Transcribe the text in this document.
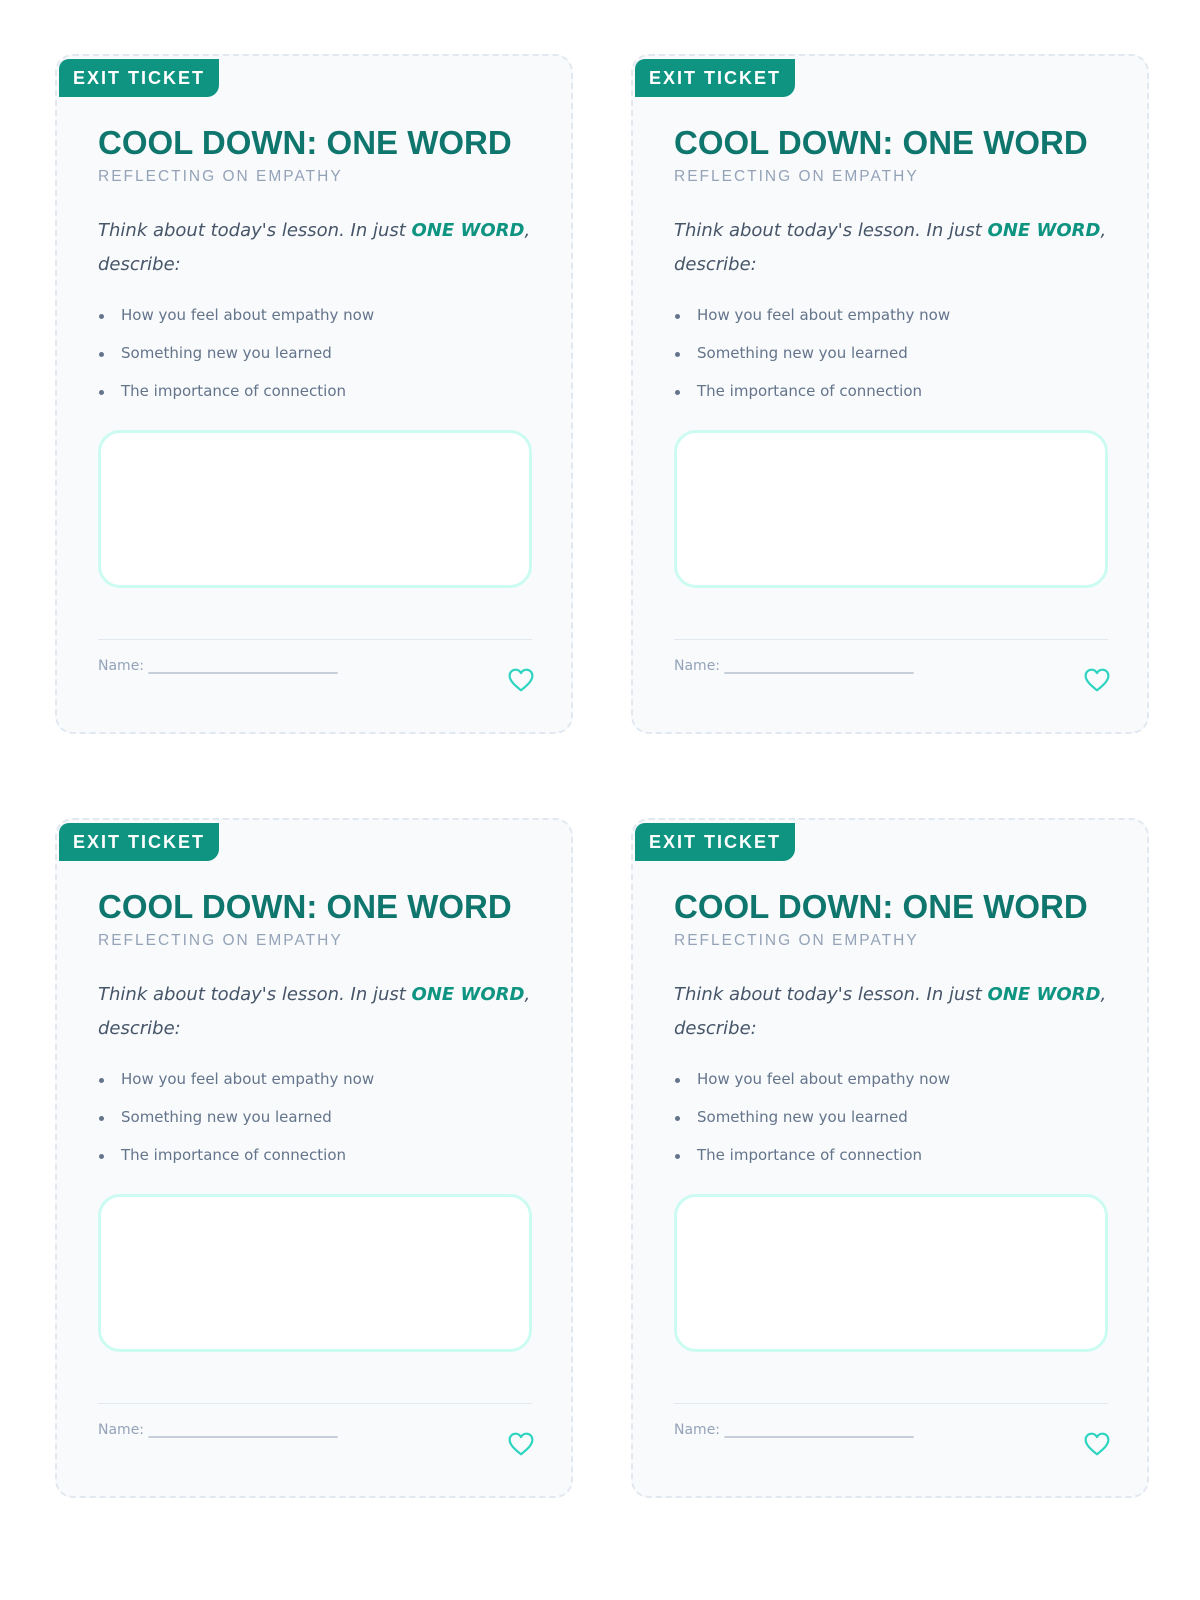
EXIT TICKET
COOL DOWN: ONE WORD
REFLECTING ON EMPATHY

Think about today's lesson. In just ONE WORD, describe:

How you feel about empathy now
Something new you learned
The importance of connection
Name: ___________________________
EXIT TICKET
COOL DOWN: ONE WORD
REFLECTING ON EMPATHY

Think about today's lesson. In just ONE WORD, describe:

How you feel about empathy now
Something new you learned
The importance of connection
Name: ___________________________
EXIT TICKET
COOL DOWN: ONE WORD
REFLECTING ON EMPATHY

Think about today's lesson. In just ONE WORD, describe:

How you feel about empathy now
Something new you learned
The importance of connection
Name: ___________________________
EXIT TICKET
COOL DOWN: ONE WORD
REFLECTING ON EMPATHY

Think about today's lesson. In just ONE WORD, describe:

How you feel about empathy now
Something new you learned
The importance of connection
Name: ___________________________
